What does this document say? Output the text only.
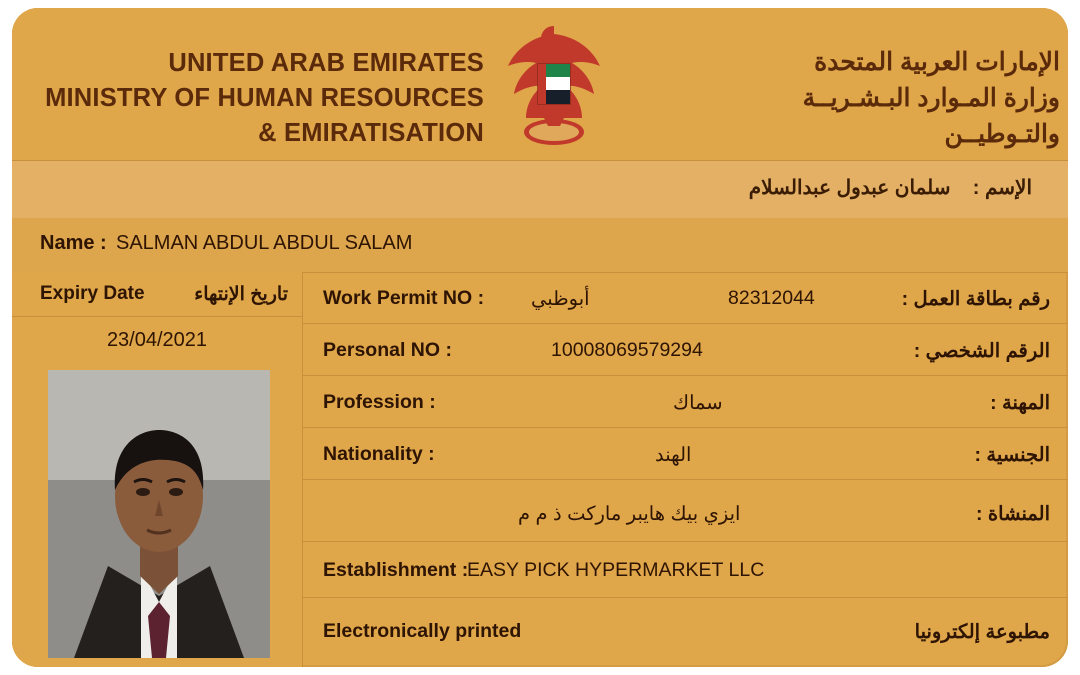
UNITED ARAB EMIRATES
MINISTRY OF HUMAN RESOURCES
& EMIRATISATION
الإمارات العربية المتحدة
وزارة المـوارد البـشـريــة
والتـوطيــن
الإسم :    سلمان عبدول عبدالسلام
Name : SALMAN ABDUL ABDUL SALAM
Expiry Date	تاريخ الإنتهاء
23/04/2021
Work Permit NO : أبوظبي	82312044	رقم بطاقة العمل :
Personal NO :	10008069579294	الرقم الشخصي :
Profession :	سماك	المهنة :
Nationality :	الهند	الجنسية :
ايزي بيك هايبر ماركت ذ م م	المنشاة :
Establishment :
EASY PICK HYPERMARKET LLC
Electronically printed	مطبوعة إلكترونيا
